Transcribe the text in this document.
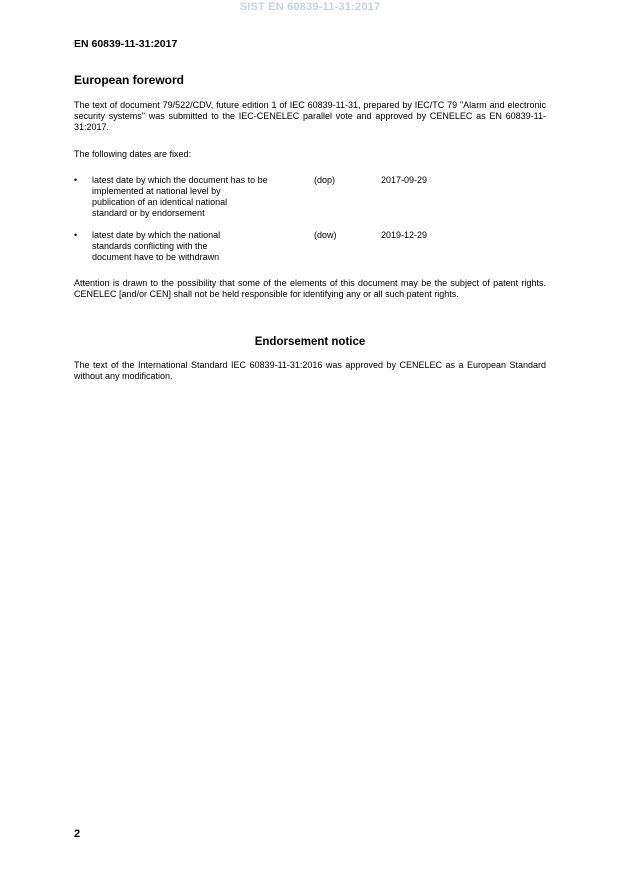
SIST EN 60839-11-31:2017
EN 60839-11-31:2017
European foreword
The text of document 79/522/CDV, future edition 1 of IEC 60839-11-31, prepared by IEC/TC 79 "Alarm and electronic security systems" was submitted to the IEC-CENELEC parallel vote and approved by CENELEC as EN 60839-11-31:2017.
The following dates are fixed:
•	latest date by which the document has to be
implemented at national level by
publication of an identical national
standard or by endorsement
(dop)	2017-09-29
•	latest date by which the national
standards conflicting with the
document have to be withdrawn
(dow)	2019-12-29
Attention is drawn to the possibility that some of the elements of this document may be the subject of patent rights. CENELEC [and/or CEN] shall not be held responsible for identifying any or all such patent rights.
Endorsement notice
The text of the International Standard IEC 60839-11-31:2016 was approved by CENELEC as a European Standard without any modification.
2
